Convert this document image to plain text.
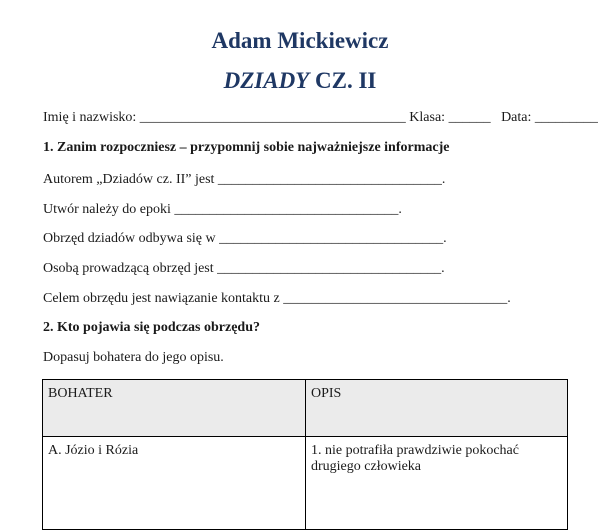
Adam Mickiewicz
DZIADY CZ. II
Imię i nazwisko: ______________________________________ Klasa: ______   Data: _________
1. Zanim rozpoczniesz – przypomnij sobie najważniejsze informacje
Autorem „Dziadów cz. II” jest ________________________________.
Utwór należy do epoki ________________________________.
Obrzęd dziadów odbywa się w ________________________________.
Osobą prowadzącą obrzęd jest ________________________________.
Celem obrzędu jest nawiązanie kontaktu z ________________________________.
2. Kto pojawia się podczas obrzędu?
Dopasuj bohatera do jego opisu.
BOHATER	OPIS
A. Józio i Rózia	1. nie potrafiła prawdziwie pokochać drugiego człowieka
